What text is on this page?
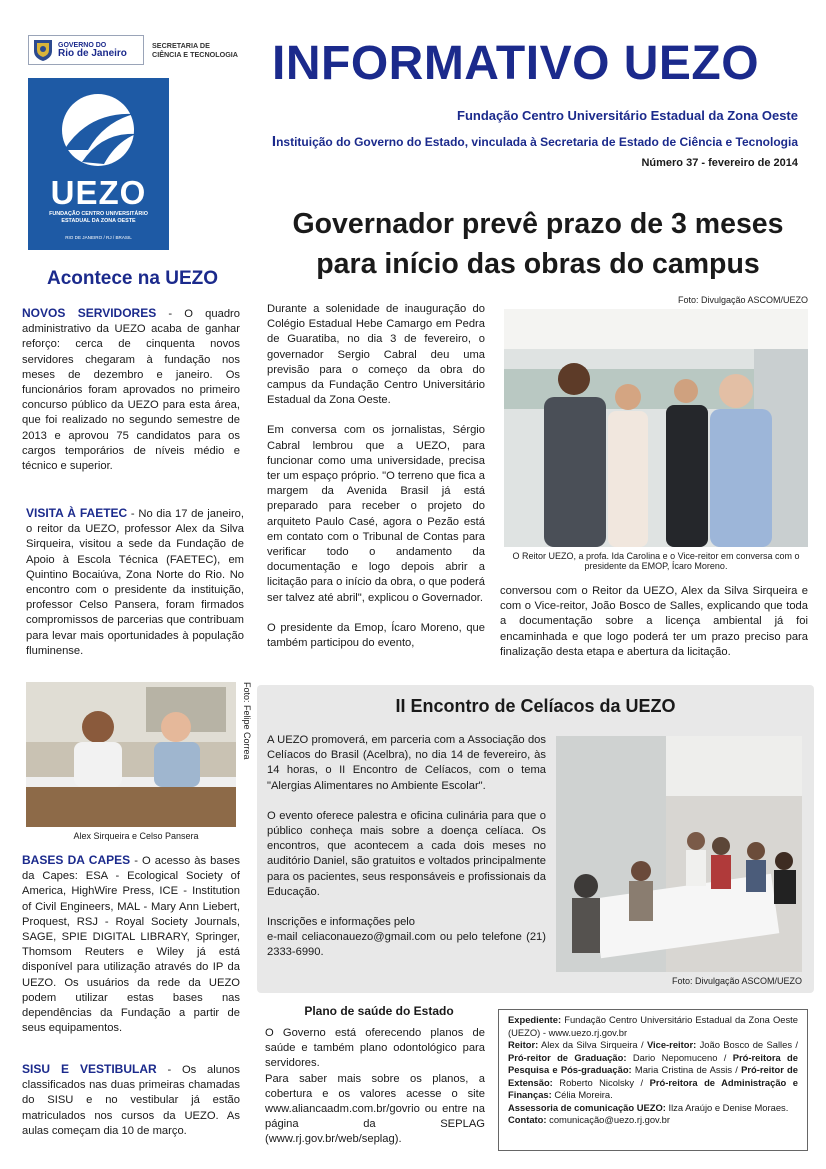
GOVERNO DO
Rio de Janeiro
SECRETARIA DE
CIÊNCIA E TECNOLOGIA
UEZO
FUNDAÇÃO CENTRO UNIVERSITÁRIO ESTADUAL DA ZONA OESTE
RIO DE JANEIRO / RJ / BRASIL
INFORMATIVO UEZO
Fundação Centro Universitário Estadual da Zona Oeste
Instituição do Governo do Estado, vinculada à Secretaria de Estado de Ciência e Tecnologia
Número 37 - fevereiro de 2014
Governador prevê prazo de 3 meses
para início das obras do campus
Acontece na UEZO
NOVOS SERVIDORES - O quadro administrativo da UEZO acaba de ganhar reforço: cerca de cinquenta novos servidores chegaram à fundação nos meses de dezembro e janeiro. Os funcionários foram aprovados no primeiro concurso público da UEZO para esta área, que foi realizado no segundo semestre de 2013 e aprovou 75 candidatos para os cargos temporários de níveis médio e técnico e superior.
VISITA À FAETEC - No dia 17 de janeiro, o reitor da UEZO, professor Alex da Silva Sirqueira, visitou a sede da Fundação de Apoio à Escola Técnica (FAETEC), em Quintino Bocaiúva, Zona Norte do Rio. No encontro com o presidente da instituição, professor Celso Pansera, foram firmados compromissos de parcerias que contribuam para levar mais oportunidades à população fluminense.
Foto: Felipe Correa
Alex Sirqueira e Celso Pansera
BASES DA CAPES - O acesso às bases da Capes: ESA - Ecological Society of America, HighWire Press, ICE - Institution of Civil Engineers, MAL - Mary Ann Liebert, Proquest, RSJ - Royal Society Journals, SAGE, SPIE DIGITAL LIBRARY, Springer, Thomsom Reuters e Wiley já está disponível para utilização através do IP da UEZO. Os usuários da rede da UEZO podem utilizar estas bases nas dependências da Fundação a partir de seus equipamentos.
SISU E VESTIBULAR - Os alunos classificados nas duas primeiras chamadas do SISU e no vestibular já estão matriculados nos cursos da UEZO. As aulas começam dia 10 de março.

Durante a solenidade de inauguração do Colégio Estadual Hebe Camargo em Pedra de Guaratiba, no dia 3 de fevereiro, o governador Sergio Cabral deu uma previsão para o começo da obra do campus da Fundação Centro Universitário Estadual da Zona Oeste.

Em conversa com os jornalistas, Sérgio Cabral lembrou que a UEZO, para funcionar como uma universidade, precisa ter um espaço próprio. "O terreno que fica a margem da Avenida Brasil já está preparado para receber o projeto do arquiteto Paulo Casé, agora o Pezão está em contato com o Tribunal de Contas para verificar todo o andamento da documentação e logo depois abrir a licitação para o início da obra, o que poderá ser talvez até abril", explicou o Governador.

O presidente da Emop, Ícaro Moreno, que também participou do evento,

Foto: Divulgação ASCOM/UEZO
O Reitor UEZO, a profa. Ida Carolina e o Vice-reitor em conversa com o presidente da EMOP, Ícaro Moreno.
conversou com o Reitor da UEZO, Alex da Silva Sirqueira e com o Vice-reitor, João Bosco de Salles, explicando que toda a documentação sobre a licença ambiental já foi encaminhada e que logo poderá ter um prazo preciso para finalização desta etapa e abertura da licitação.
II Encontro de Celíacos da UEZO

A UEZO promoverá, em parceria com a Associação dos Celíacos do Brasil (Acelbra), no dia 14 de fevereiro, às 14 horas, o II Encontro de Celíacos, com o tema "Alergias Alimentares no Ambiente Escolar".

O evento oferece palestra e oficina culinária para que o público conheça mais sobre a doença celíaca. Os encontros, que acontecem a cada dois meses no auditório Daniel, são gratuitos e voltados principalmente para os pacientes, seus responsáveis e profissionais da Educação.

Inscrições e informações pelo
e-mail celiaconauezo@gmail.com ou pelo telefone (21) 2333-6990.
Foto: Divulgação ASCOM/UEZO
Plano de saúde do Estado
O Governo está oferecendo planos de saúde e também plano odontológico para servidores.
Para saber mais sobre os planos, a cobertura e os valores acesse o site www.aliancaadm.com.br/govrio ou entre na página da SEPLAG (www.rj.gov.br/web/seplag).
Expediente: Fundação Centro Universitário Estadual da Zona Oeste (UEZO) - www.uezo.rj.gov.br
Reitor: Alex da Silva Sirqueira / Vice-reitor: João Bosco de Salles / Pró-reitor de Graduação: Dario Nepomuceno / Pró-reitora de Pesquisa e Pós-graduação: Maria Cristina de Assis / Pró-reitor de Extensão: Roberto Nicolsky / Pró-reitora de Administração e Finanças: Célia Moreira.
Assessoria de comunicação UEZO: Ilza Araújo e Denise Moraes.
Contato: comunicação@uezo.rj.gov.br
